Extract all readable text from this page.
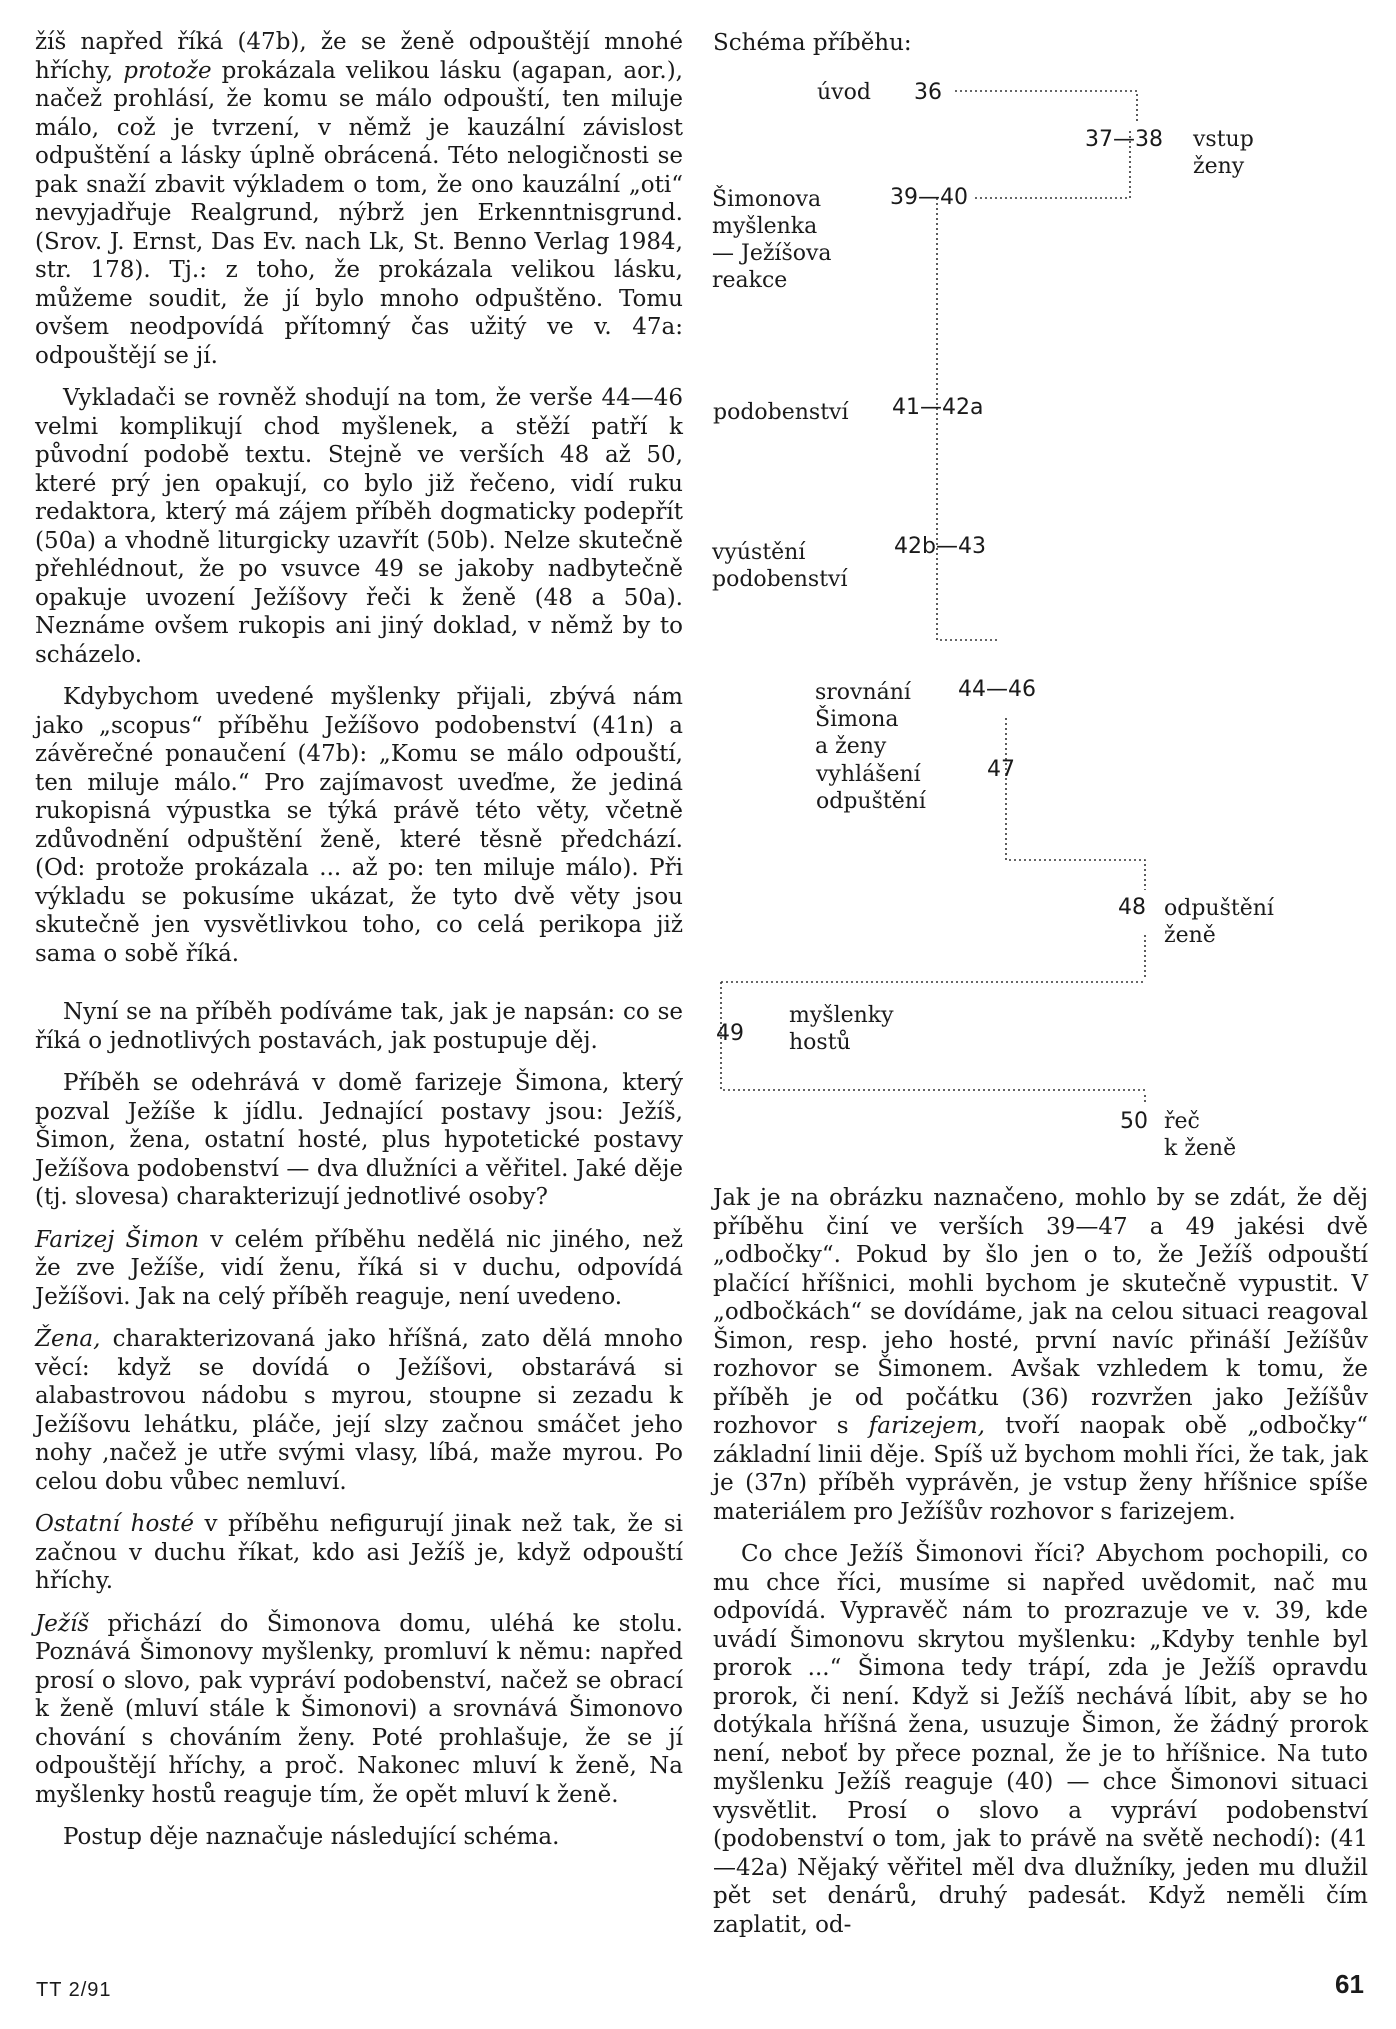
žíš napřed říká (47b), že se ženě odpouštějí mnohé hříchy, protože prokázala velikou lásku (agapan, aor.), načež prohlásí, že komu se málo odpouští, ten miluje málo, což je tvrzení, v němž je kauzální závislost odpuštění a lásky úplně obrácená. Této nelogičnosti se pak snaží zbavit výkladem o tom, že ono kauzální „oti“ nevyjadřuje Realgrund, nýbrž jen Erkenntnisgrund. (Srov. J. Ernst, Das Ev. nach Lk, St. Benno Verlag 1984, str. 178). Tj.: z toho, že prokázala velikou lásku, můžeme soudit, že jí bylo mnoho odpuštěno. Tomu ovšem neodpovídá přítomný čas užitý ve v. 47a: odpouštějí se jí.

Vykladači se rovněž shodují na tom, že verše 44—46 velmi komplikují chod myšlenek, a stěží patří k původní podobě textu. Stejně ve verších 48 až 50, které prý jen opakují, co bylo již řečeno, vidí ruku redaktora, který má zájem příběh dogmaticky podepřít (50a) a vhodně liturgicky uzavřít (50b). Nelze skutečně přehlédnout, že po vsuvce 49 se jakoby nadbytečně opakuje uvození Ježíšovy řeči k ženě (48 a 50a). Neznáme ovšem rukopis ani jiný doklad, v němž by to scházelo.

Kdybychom uvedené myšlenky přijali, zbývá nám jako „scopus“ příběhu Ježíšovo podobenství (41n) a závěrečné ponaučení (47b): „Komu se málo odpouští, ten miluje málo.“ Pro zajímavost uveďme, že jediná rukopisná výpustka se týká právě této věty, včetně zdůvodnění odpuštění ženě, které těsně předchází. (Od: protože prokázala ... až po: ten miluje málo). Při výkladu se pokusíme ukázat, že tyto dvě věty jsou skutečně jen vysvětlivkou toho, co celá perikopa již sama o sobě říká.

Nyní se na příběh podíváme tak, jak je napsán: co se říká o jednotlivých postavách, jak postupuje děj.

Příběh se odehrává v domě farizeje Šimona, který pozval Ježíše k jídlu. Jednající postavy jsou: Ježíš, Šimon, žena, ostatní hosté, plus hypotetické postavy Ježíšova podobenství — dva dlužníci a věřitel. Jaké děje (tj. slovesa) charakterizují jednotlivé osoby?

Farizej Šimon v celém příběhu nedělá nic jiného, než že zve Ježíše, vidí ženu, říká si v duchu, odpovídá Ježíšovi. Jak na celý příběh reaguje, není uvedeno.

Žena, charakterizovaná jako hříšná, zato dělá mnoho věcí: když se dovídá o Ježíšovi, obstarává si alabastrovou nádobu s myrou, stoupne si zezadu k Ježíšovu lehátku, pláče, její slzy začnou smáčet jeho nohy ,načež je utře svými vlasy, líbá, maže myrou. Po celou dobu vůbec nemluví.

Ostatní hosté v příběhu nefigurují jinak než tak, že si začnou v duchu říkat, kdo asi Ježíš je, když odpouští hříchy.

Ježíš přichází do Šimonova domu, uléhá ke stolu. Poznává Šimonovy myšlenky, promluví k němu: napřed prosí o slovo, pak vypráví podobenství, načež se obrací k ženě (mluví stále k Šimonovi) a srovnává Šimonovo chování s chováním ženy. Poté prohlašuje, že se jí odpouštějí hříchy, a proč. Nakonec mluví k ženě, Na myšlenky hostů reaguje tím, že opět mluví k ženě.

Postup děje naznačuje následující schéma.

Schéma příběhu:
úvod 36
vstup
ženy
37—38
Šimonova
myšlenka
— Ježíšova
reakce
39—40
podobenství 41—42a
vyústění
podobenství
42b—43
srovnání
Šimona
a ženy
44—46
vyhlášení
odpuštění
47
odpuštění
ženě
48
myšlenky
hostů
49
řeč
k ženě
50

Jak je na obrázku naznačeno, mohlo by se zdát, že děj příběhu činí ve verších 39—47 a 49 jakési dvě „odbočky“. Pokud by šlo jen o to, že Ježíš odpouští plačící hříšnici, mohli bychom je skutečně vypustit. V „odbočkách“ se dovídáme, jak na celou situaci reagoval Šimon, resp. jeho hosté, první navíc přináší Ježíšův rozhovor se Šimonem. Avšak vzhledem k tomu, že příběh je od počátku (36) rozvržen jako Ježíšův rozhovor s farizejem, tvoří naopak obě „odbočky“ základní linii děje. Spíš už bychom mohli říci, že tak, jak je (37n) příběh vyprávěn, je vstup ženy hříšnice spíše materiálem pro Ježíšův rozhovor s farizejem.

Co chce Ježíš Šimonovi říci? Abychom pochopili, co mu chce říci, musíme si napřed uvědomit, nač mu odpovídá. Vypravěč nám to prozrazuje ve v. 39, kde uvádí Šimonovu skrytou myšlenku: „Kdyby tenhle byl prorok ...“ Šimona tedy trápí, zda je Ježíš opravdu prorok, či není. Když si Ježíš nechává líbit, aby se ho dotýkala hříšná žena, usuzuje Šimon, že žádný prorok není, neboť by přece poznal, že je to hříšnice. Na tuto myšlenku Ježíš reaguje (40) — chce Šimonovi situaci vysvětlit. Prosí o slovo a vypráví podobenství (podobenství o tom, jak to právě na světě nechodí): (41—42a) Nějaký věřitel měl dva dlužníky, jeden mu dlužil pět set denárů, druhý padesát. Když neměli čím zaplatit, od-

TT 2/91	61
